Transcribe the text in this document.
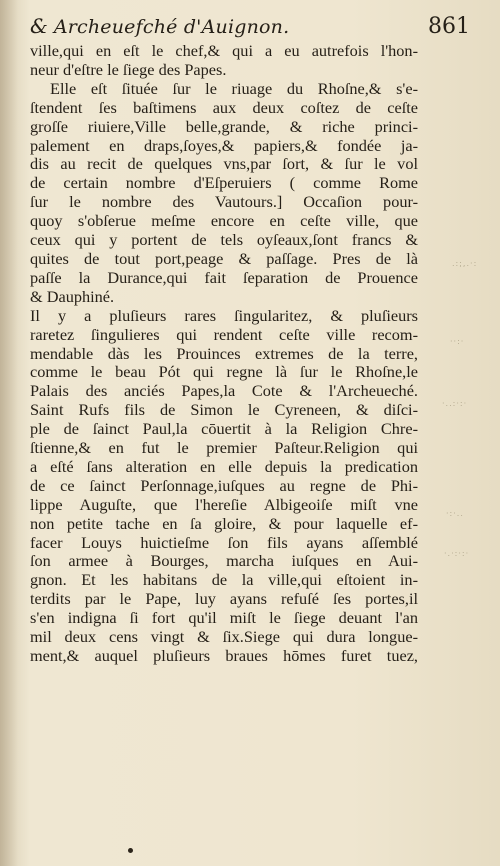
& Archeuefché d'Auignon.	861
ville,qui en eſt le chef,& qui a eu autrefois l'hon-
neur d'eſtre le ſiege des Papes.
Elle eſt ſituée ſur le riuage du Rhoſne,& s'e-
ſtendent ſes baſtimens aux deux coſtez de ceſte
groſſe riuiere,Ville belle,grande, & riche princi-
palement en draps,ſoyes,& papiers,& fondée ja-
dis au recit de quelques vns,par ſort, & ſur le vol
de certain nombre d'Eſperuiers ( comme Rome
ſur le nombre des Vautours.] Occaſion pour-
quoy s'obſerue meſme encore en ceſte ville, que
ceux qui y portent de tels oyſeaux,ſont francs &
quites de tout port,peage & paſſage. Pres de là
paſſe la Durance,qui fait ſeparation de Prouence
& Dauphiné.
Il y a pluſieurs rares ſingularitez, & pluſieurs
raretez ſingulieres qui rendent ceſte ville recom-
mendable dàs les Prouinces extremes de la terre,
comme le beau Pót qui regne là ſur le Rhoſne,le
Palais des anciés Papes,la Cote & l'Archeueché.
Saint Rufs fils de Simon le Cyreneen, & diſci-
ple de ſainct Paul,la cōuertit à la Religion Chre-
ſtienne,& en fut le premier Paſteur.Religion qui
a eſté ſans alteration en elle depuis la predication
de ce ſainct Perſonnage,iuſques au regne de Phi-
lippe Auguſte, que l'hereſie Albigeoiſe miſt vne
non petite tache en ſa gloire, & pour laquelle ef-
facer Louys huictieſme ſon fils ayans aſſemblé
ſon armee à Bourges, marcha iuſques en Aui-
gnon. Et les habitans de la ville,qui eſtoient in-
terdits par le Pape, luy ayans refuſé ſes portes,il
s'en indigna ſi fort qu'il miſt le ſiege deuant l'an
mil deux cens vingt & ſix.Siege qui dura longue-
ment,& auquel pluſieurs braues hōmes furet tuez,
.:;,.·:
··:·
·..:·:·
·:·..
·.·:·:·
